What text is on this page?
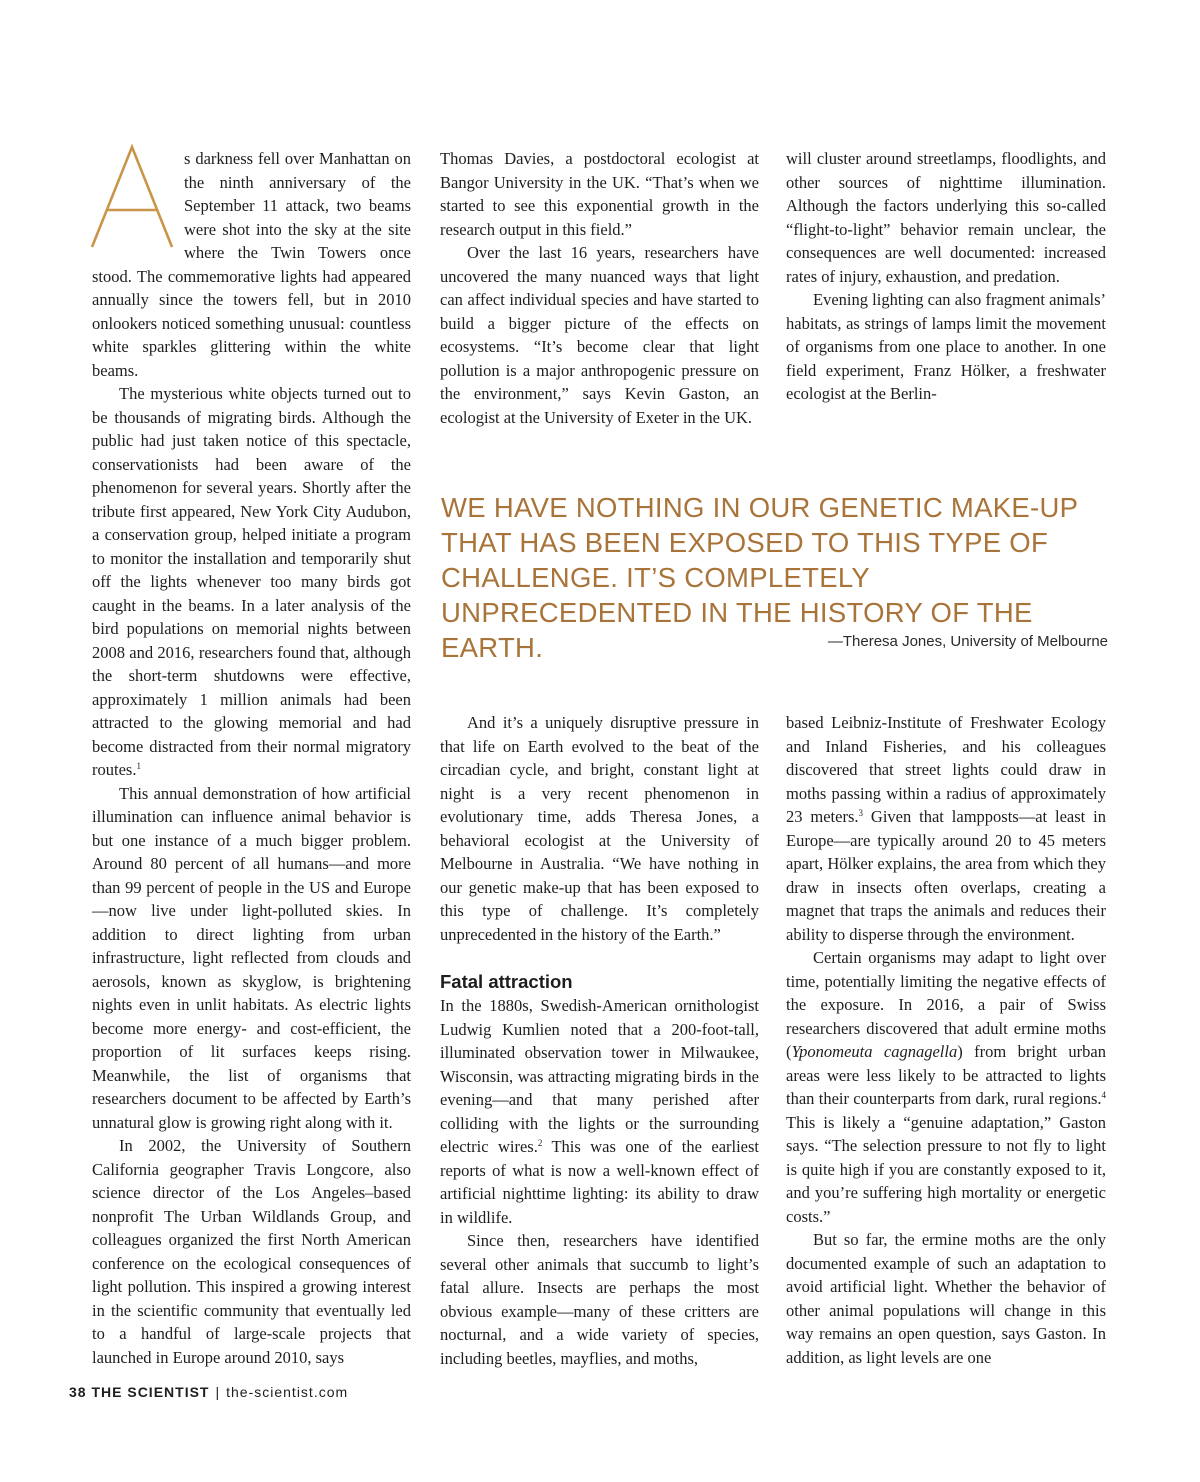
s darkness fell over Manhattan on the ninth anniversary of the September 11 attack, two beams were shot into the sky at the site where the Twin Towers once stood. The commemorative lights had appeared annually since the towers fell, but in 2010 onlookers noticed something unusual: countless white sparkles glittering within the white beams.

The mysterious white objects turned out to be thousands of migrating birds. Although the public had just taken notice of this spectacle, conservationists had been aware of the phenomenon for several years. Shortly after the tribute first appeared, New York City Audubon, a conservation group, helped initiate a program to monitor the installation and temporarily shut off the lights whenever too many birds got caught in the beams. In a later analysis of the bird populations on memorial nights between 2008 and 2016, researchers found that, although the short-term shutdowns were effective, approximately 1 million animals had been attracted to the glowing memorial and had become distracted from their normal migratory routes.$^1$

This annual demonstration of how artificial illumination can influence animal behavior is but one instance of a much bigger problem. Around 80 percent of all humans—and more than 99 percent of people in the US and Europe—now live under light-polluted skies. In addition to direct lighting from urban infrastructure, light reflected from clouds and aerosols, known as skyglow, is brightening nights even in unlit habitats. As electric lights become more energy- and cost-efficient, the proportion of lit surfaces keeps rising. Meanwhile, the list of organisms that researchers document to be affected by Earth’s unnatural glow is growing right along with it.

In 2002, the University of Southern California geographer Travis Longcore, also science director of the Los Angeles–based nonprofit The Urban Wildlands Group, and colleagues organized the first North American conference on the ecological consequences of light pollution. This inspired a growing interest in the scientific community that eventually led to a handful of large-scale projects that launched in Europe around 2010, says

Thomas Davies, a postdoctoral ecologist at Bangor University in the UK. “That’s when we started to see this exponential growth in the research output in this field.”

Over the last 16 years, researchers have uncovered the many nuanced ways that light can affect individual species and have started to build a bigger picture of the effects on ecosystems. “It’s become clear that light pollution is a major anthropogenic pressure on the environment,” says Kevin Gaston, an ecologist at the University of Exeter in the UK.

will cluster around streetlamps, floodlights, and other sources of nighttime illumination. Although the factors underlying this so-called “flight-to-light” behavior remain unclear, the consequences are well documented: increased rates of injury, exhaustion, and predation.

Evening lighting can also fragment animals’ habitats, as strings of lamps limit the movement of organisms from one place to another. In one field experiment, Franz Hölker, a freshwater ecologist at the Berlin-

WE HAVE NOTHING IN OUR GENETIC MAKE-UP THAT HAS BEEN EXPOSED TO THIS TYPE OF CHALLENGE. IT’S COMPLETELY UNPRECEDENTED IN THE HISTORY OF THE EARTH.	—Theresa Jones, University of Melbourne

And it’s a uniquely disruptive pressure in that life on Earth evolved to the beat of the circadian cycle, and bright, constant light at night is a very recent phenomenon in evolutionary time, adds Theresa Jones, a behavioral ecologist at the University of Melbourne in Australia. “We have nothing in our genetic make-up that has been exposed to this type of challenge. It’s completely unprecedented in the history of the Earth.”

Fatal attraction

In the 1880s, Swedish-American ornithologist Ludwig Kumlien noted that a 200-foot-tall, illuminated observation tower in Milwaukee, Wisconsin, was attracting migrating birds in the evening—and that many perished after colliding with the lights or the surrounding electric wires.$^2$ This was one of the earliest reports of what is now a well-known effect of artificial nighttime lighting: its ability to draw in wildlife.

Since then, researchers have identified several other animals that succumb to light’s fatal allure. Insects are perhaps the most obvious example—many of these critters are nocturnal, and a wide variety of species, including beetles, mayflies, and moths,

based Leibniz-Institute of Freshwater Ecology and Inland Fisheries, and his colleagues discovered that street lights could draw in moths passing within a radius of approximately 23 meters.$^3$ Given that lampposts—at least in Europe—are typically around 20 to 45 meters apart, Hölker explains, the area from which they draw in insects often overlaps, creating a magnet that traps the animals and reduces their ability to disperse through the environment.

Certain organisms may adapt to light over time, potentially limiting the negative effects of the exposure. In 2016, a pair of Swiss researchers discovered that adult ermine moths (Yponomeuta cagnagella) from bright urban areas were less likely to be attracted to lights than their counterparts from dark, rural regions.$^4$ This is likely a “genuine adaptation,” Gaston says. “The selection pressure to not fly to light is quite high if you are constantly exposed to it, and you’re suffering high mortality or energetic costs.”

But so far, the ermine moths are the only documented example of such an adaptation to avoid artificial light. Whether the behavior of other animal populations will change in this way remains an open question, says Gaston. In addition, as light levels are one

38 THE SCIENTIST | the-scientist.com
